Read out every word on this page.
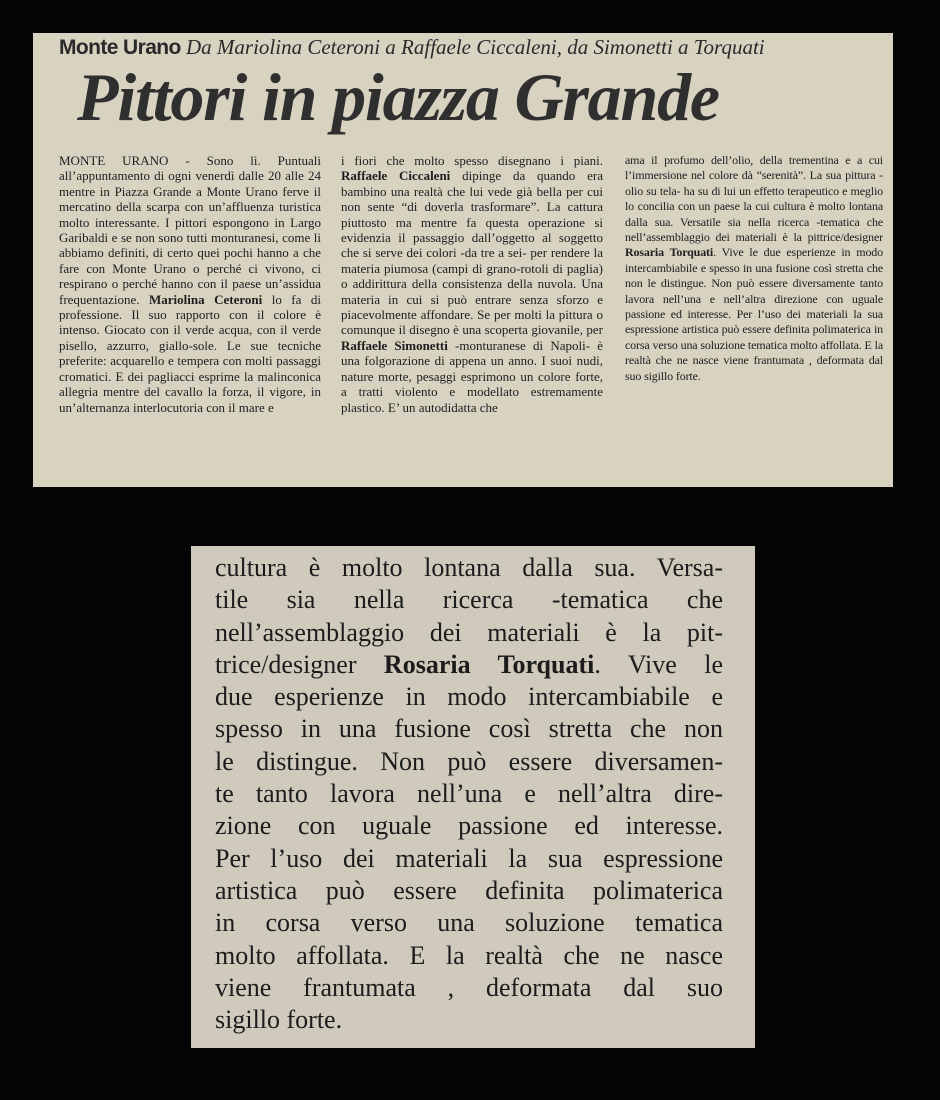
Monte Urano Da Mariolina Ceteroni a Raffaele Ciccaleni, da Simonetti a Torquati
Pittori in piazza Grande
MONTE URANO - Sono lì. Puntuali all’appuntamento di ogni venerdì dalle 20 alle 24 mentre in Piazza Grande a Monte Urano ferve il mercatino della scarpa con un’affluenza turistica molto interessante. I pittori espongono in Largo Garibaldi e se non sono tutti monturanesi, come li abbiamo definiti, di certo quei pochi hanno a che fare con Monte Urano o perché ci vivono, ci respirano o perché hanno con il paese un’assidua frequentazione. Mariolina Ceteroni lo fa di professione. Il suo rapporto con il colore è intenso. Giocato con il verde acqua, con il verde pisello, azzurro, giallo-sole. Le sue tecniche preferite: acquarello e tempera con molti passaggi cromatici. E dei pagliacci esprime la malinconica allegria mentre del cavallo la forza, il vigore, in un’alternanza interlocutoria con il mare e
i fiori che molto spesso disegnano i piani. Raffaele Ciccaleni dipinge da quando era bambino una realtà che lui vede già bella per cui non sente “di doverla trasformare”. La cattura piuttosto ma mentre fa questa operazione si evidenzia il passaggio dall’oggetto al soggetto che si serve dei colori -da tre a sei- per rendere la materia piumosa (campi di grano-rotoli di paglia) o addirittura della consistenza della nuvola. Una materia in cui si può entrare senza sforzo e piacevolmente affondare. Se per molti la pittura o comunque il disegno è una scoperta giovanile, per Raffaele Simonetti -monturanese di Napoli- è una folgorazione di appena un anno. I suoi nudi, nature morte, pesaggi esprimono un colore forte, a tratti violento e modellato estremamente plastico. E’ un autodidatta che
ama il profumo dell’olio, della trementina e a cui l’immersione nel colore dà “serenità”. La sua pittura -olio su tela- ha su di lui un effetto terapeutico e meglio lo concilia con un paese la cui cultura è molto lontana dalla sua. Versatile sia nella ricerca -tematica che nell’assemblaggio dei materiali è la pittrice/designer Rosaria Torquati. Vive le due esperienze in modo intercambiabile e spesso in una fusione così stretta che non le distingue. Non può essere diversamente tanto lavora nell’una e nell’altra direzione con uguale passione ed interesse. Per l’uso dei materiali la sua espressione artistica può essere definita polimaterica in corsa verso una soluzione tematica molto affollata. E la realtà che ne nasce viene frantumata , deformata dal suo sigillo forte.
cultura è molto lontana dalla sua. Versa-
tile sia nella ricerca -tematica che
nell’assemblaggio dei materiali è la pit-
trice/designer Rosaria Torquati. Vive le
due esperienze in modo intercambiabile e
spesso in una fusione così stretta che non
le distingue. Non può essere diversamen-
te tanto lavora nell’una e nell’altra dire-
zione con uguale passione ed interesse.
Per l’uso dei materiali la sua espressione
artistica può essere definita polimaterica
in corsa verso una soluzione tematica
molto affollata. E la realtà che ne nasce
viene frantumata , deformata dal suo
sigillo forte.
